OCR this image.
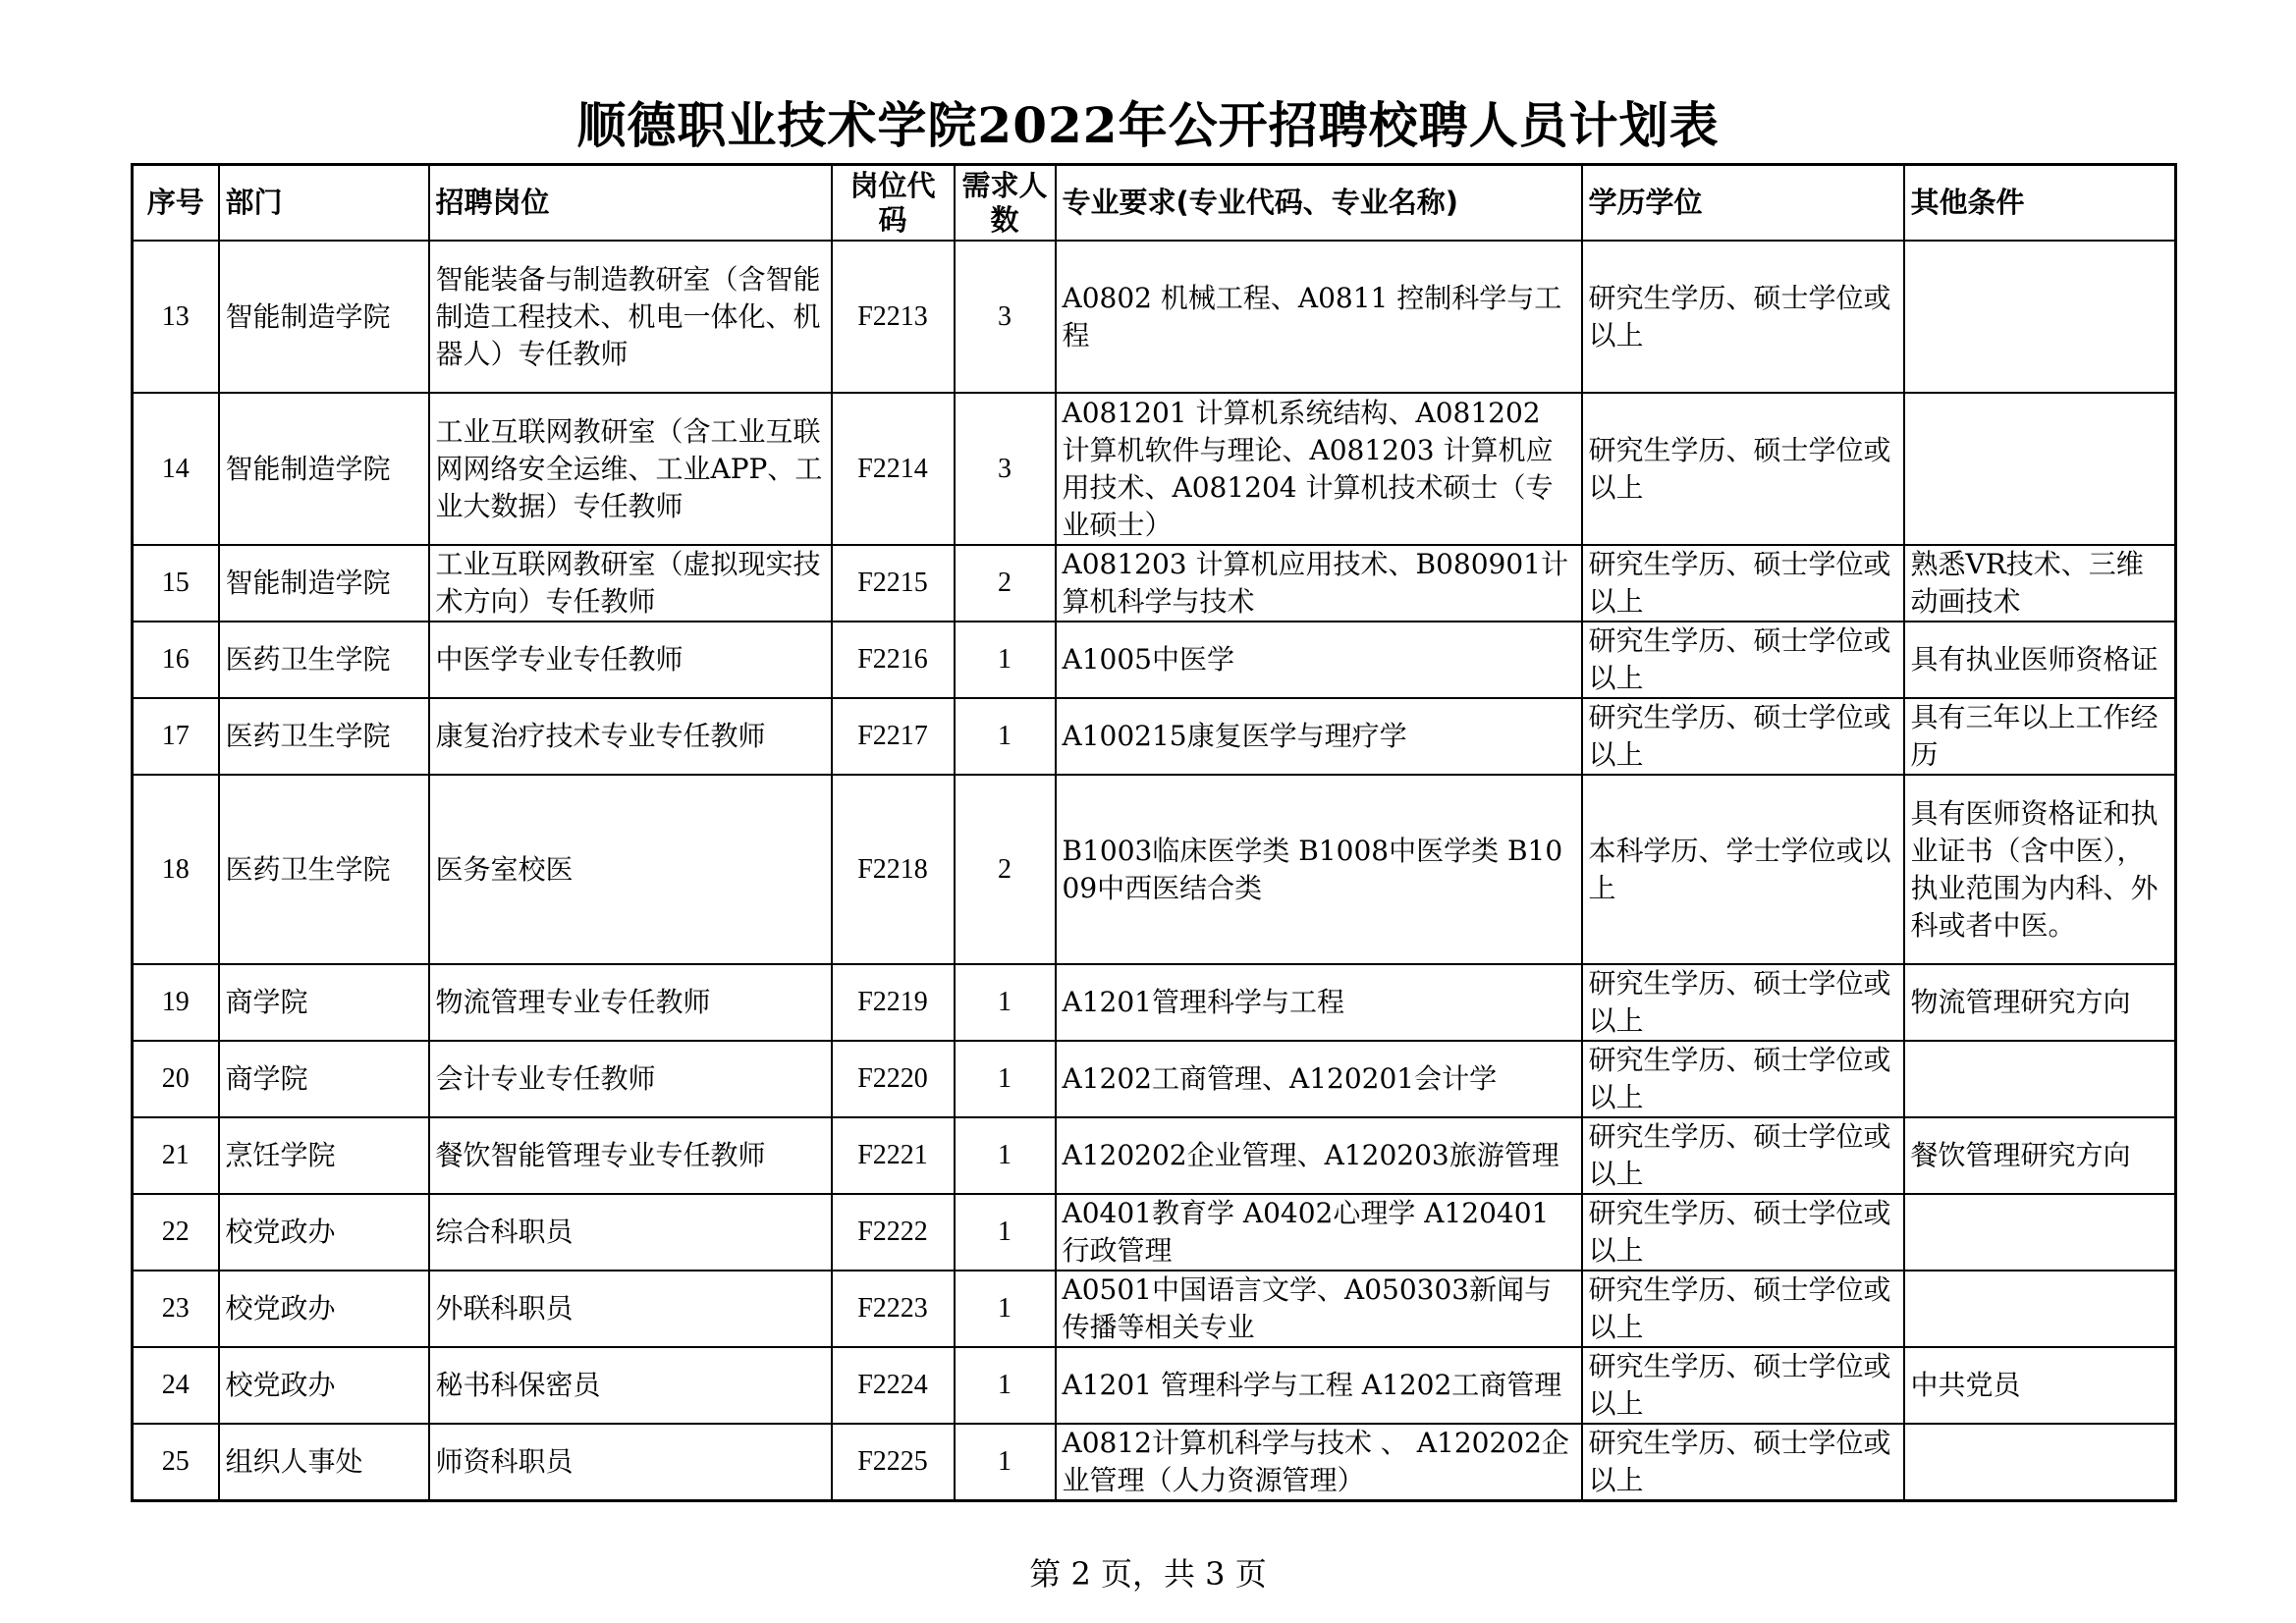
顺德职业技术学院2022年公开招聘校聘人员计划表
序号	部门	招聘岗位	岗位代码	需求人数	专业要求(专业代码、专业名称)	学历学位	其他条件
13	智能制造学院	智能装备与制造教研室（含智能制造工程技术、机电一体化、机器人）专任教师	F2213	3	A0802 机械工程、A0811 控制科学与工程	研究生学历、硕士学位或以上	
14	智能制造学院	工业互联网教研室（含工业互联网网络安全运维、工业APP、工业大数据）专任教师	F2214	3	A081201 计算机系统结构、A081202 计算机软件与理论、A081203 计算机应用技术、A081204 计算机技术硕士（专业硕士）	研究生学历、硕士学位或以上	
15	智能制造学院	工业互联网教研室（虚拟现实技术方向）专任教师	F2215	2	A081203 计算机应用技术、B080901计算机科学与技术	研究生学历、硕士学位或以上	熟悉VR技术、三维动画技术
16	医药卫生学院	中医学专业专任教师	F2216	1	A1005中医学	研究生学历、硕士学位或以上	具有执业医师资格证
17	医药卫生学院	康复治疗技术专业专任教师	F2217	1	A100215康复医学与理疗学	研究生学历、硕士学位或以上	具有三年以上工作经历
18	医药卫生学院	医务室校医	F2218	2	B1003临床医学类 B1008中医学类 B1009中西医结合类	本科学历、学士学位或以上	具有医师资格证和执业证书（含中医），执业范围为内科、外科或者中医。
19	商学院	物流管理专业专任教师	F2219	1	A1201管理科学与工程	研究生学历、硕士学位或以上	物流管理研究方向
20	商学院	会计专业专任教师	F2220	1	A1202工商管理、A120201会计学	研究生学历、硕士学位或以上	
21	烹饪学院	餐饮智能管理专业专任教师	F2221	1	A120202企业管理、A120203旅游管理	研究生学历、硕士学位或以上	餐饮管理研究方向
22	校党政办	综合科职员	F2222	1	A0401教育学 A0402心理学 A120401行政管理	研究生学历、硕士学位或以上	
23	校党政办	外联科职员	F2223	1	A0501中国语言文学、A050303新闻与传播等相关专业	研究生学历、硕士学位或以上	
24	校党政办	秘书科保密员	F2224	1	A1201 管理科学与工程 A1202工商管理	研究生学历、硕士学位或以上	中共党员
25	组织人事处	师资科职员	F2225	1	A0812计算机科学与技术 、 A120202企业管理（人力资源管理）	研究生学历、硕士学位或以上	
第 2 页，共 3 页
